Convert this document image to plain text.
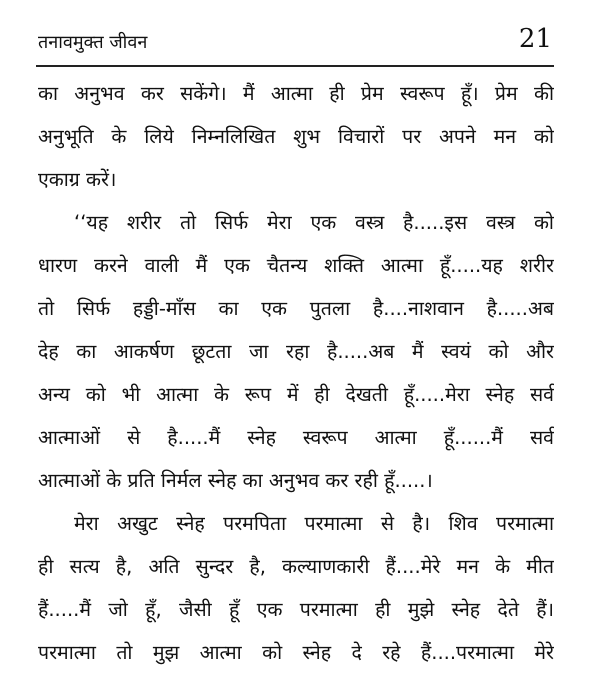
तनावमुक्त जीवन	21
का अनुभव कर सकेंगे। मैं आत्मा ही प्रेम स्वरूप हूँ। प्रेम की
अनुभूति के लिये निम्नलिखित शुभ विचारों पर अपने मन को
एकाग्र करें।
‘‘यह शरीर तो सिर्फ मेरा एक वस्त्र है.....इस वस्त्र को
धारण करने वाली मैं एक चैतन्य शक्ति आत्मा हूँ.....यह शरीर
तो सिर्फ हड्डी-माँस का एक पुतला है....नाशवान है.....अब
देह का आकर्षण छूटता जा रहा है.....अब मैं स्वयं को और
अन्य को भी आत्मा के रूप में ही देखती हूँ.....मेरा स्नेह सर्व
आत्माओं से है.....मैं स्नेह स्वरूप आत्मा हूँ......मैं सर्व
आत्माओं के प्रति निर्मल स्नेह का अनुभव कर रही हूँ.....।
मेरा अखुट स्नेह परमपिता परमात्मा से है। शिव परमात्मा
ही सत्य है, अति सुन्दर है, कल्याणकारी हैं....मेरे मन के मीत
हैं.....मैं जो हूँ, जैसी हूँ एक परमात्मा ही मुझे स्नेह देते हैं।
परमात्मा तो मुझ आत्मा को स्नेह दे रहे हैं....परमात्मा मेरे
